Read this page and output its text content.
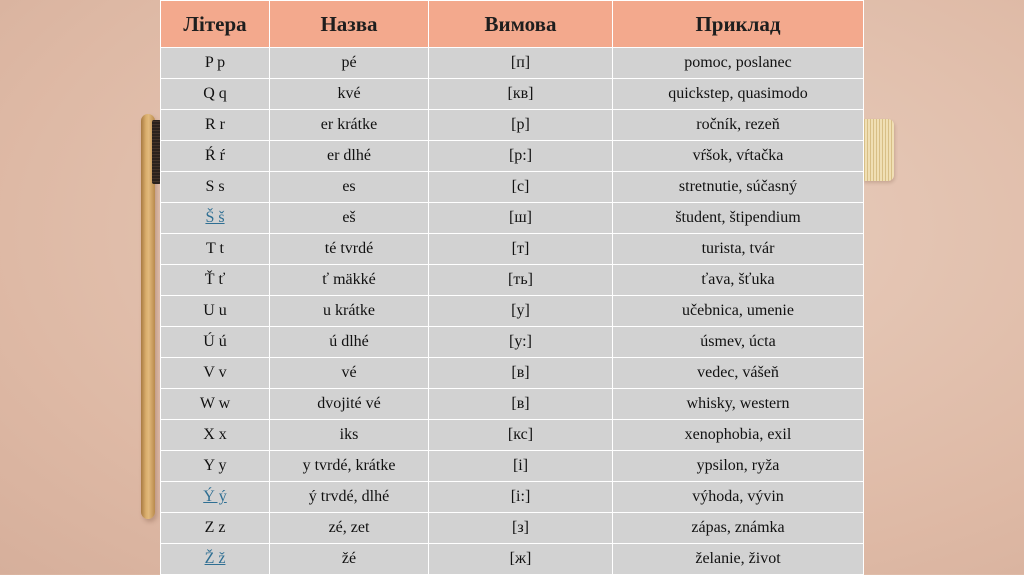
Літера	Назва	Вимова	Приклад
P p	pé	[п]	pomoc, poslanec
Q q	kvé	[кв]	quickstep, quasimodo
R r	er krátke	[р]	ročník, rezeň
Ŕ ŕ	er dlhé	[р:]	vŕšok, vŕtačka
S s	es	[с]	stretnutie, súčasný
Š š	eš	[ш]	študent, štipendium
T t	té tvrdé	[т]	turista, tvár
Ť ť	ť mäkké	[ть]	ťava, šťuka
U u	u krátke	[у]	učebnica, umenie
Ú ú	ú dlhé	[у:]	úsmev, úcta
V v	vé	[в]	vedec, vášeň
W w	dvojité vé	[в]	whisky, western
X x	iks	[кс]	xenophobia, exil
Y y	y tvrdé, krátke	[і]	ypsilon, ryža
Ý ý	ý trvdé, dlhé	[і:]	výhoda, vývin
Z z	zé, zet	[з]	zápas, známka
Ž ž	žé	[ж]	želanie, život
